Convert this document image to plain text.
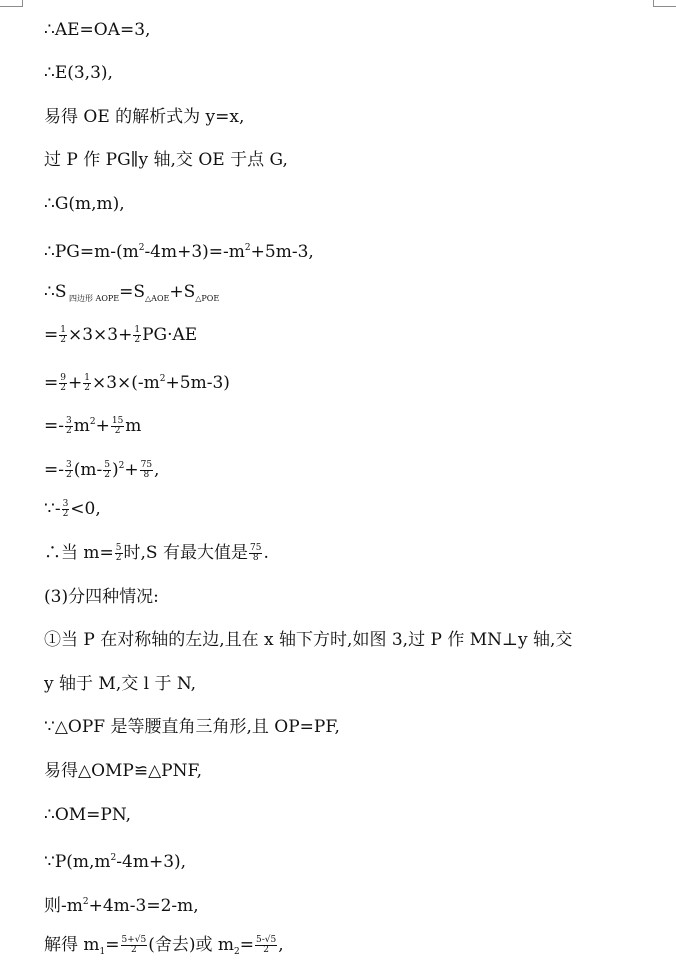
∴AE=OA=3,
∴E(3,3),
易得 OE 的解析式为 y=x,
过 P 作 PG∥y 轴,交 OE 于点 G,
∴G(m,m),
$\therefore PG=m-(m^2-4m+3)=-m^2+5m-3$,
∴S $_{四边形 AOPE}=S_{\triangle AOE}+S_{\triangle POE}$
= $\frac{1}{2} \times 3\times 3+ \frac{1}{2} PG\cdot AE$
= $\frac{9}{2} + \frac{1}{2} \times 3\times(-m^2+5m-3)$
=- $\frac{3}{2} m^2+ \frac{15}{2}$ m
=- $\frac{3}{2} (m- \frac{5}{2} )^2+ \frac{75}{8}$ ,
∵- $\frac{3}{2} <0$,
∴当 $m= \frac{5}{2}$ 时,S 有最大值是 $\frac{75}{8}$ .
(3)分四种情况:
①当 P 在对称轴的左边,且在 x 轴下方时,如图 3,过 P 作 MN⊥y 轴,交
y 轴于 M,交 l 于 N,
∵△OPF 是等腰直角三角形,且 OP=PF,
易得△OMP≌△PNF,
∴OM=PN,
$\because P(m,m^2-4m+3)$,
则$-m^2+4m-3=2-m$,
解得 $m_1= \frac{5+√5}{2}$ (舍去)或 $m_2= \frac{5-√5}{2}$ ,
